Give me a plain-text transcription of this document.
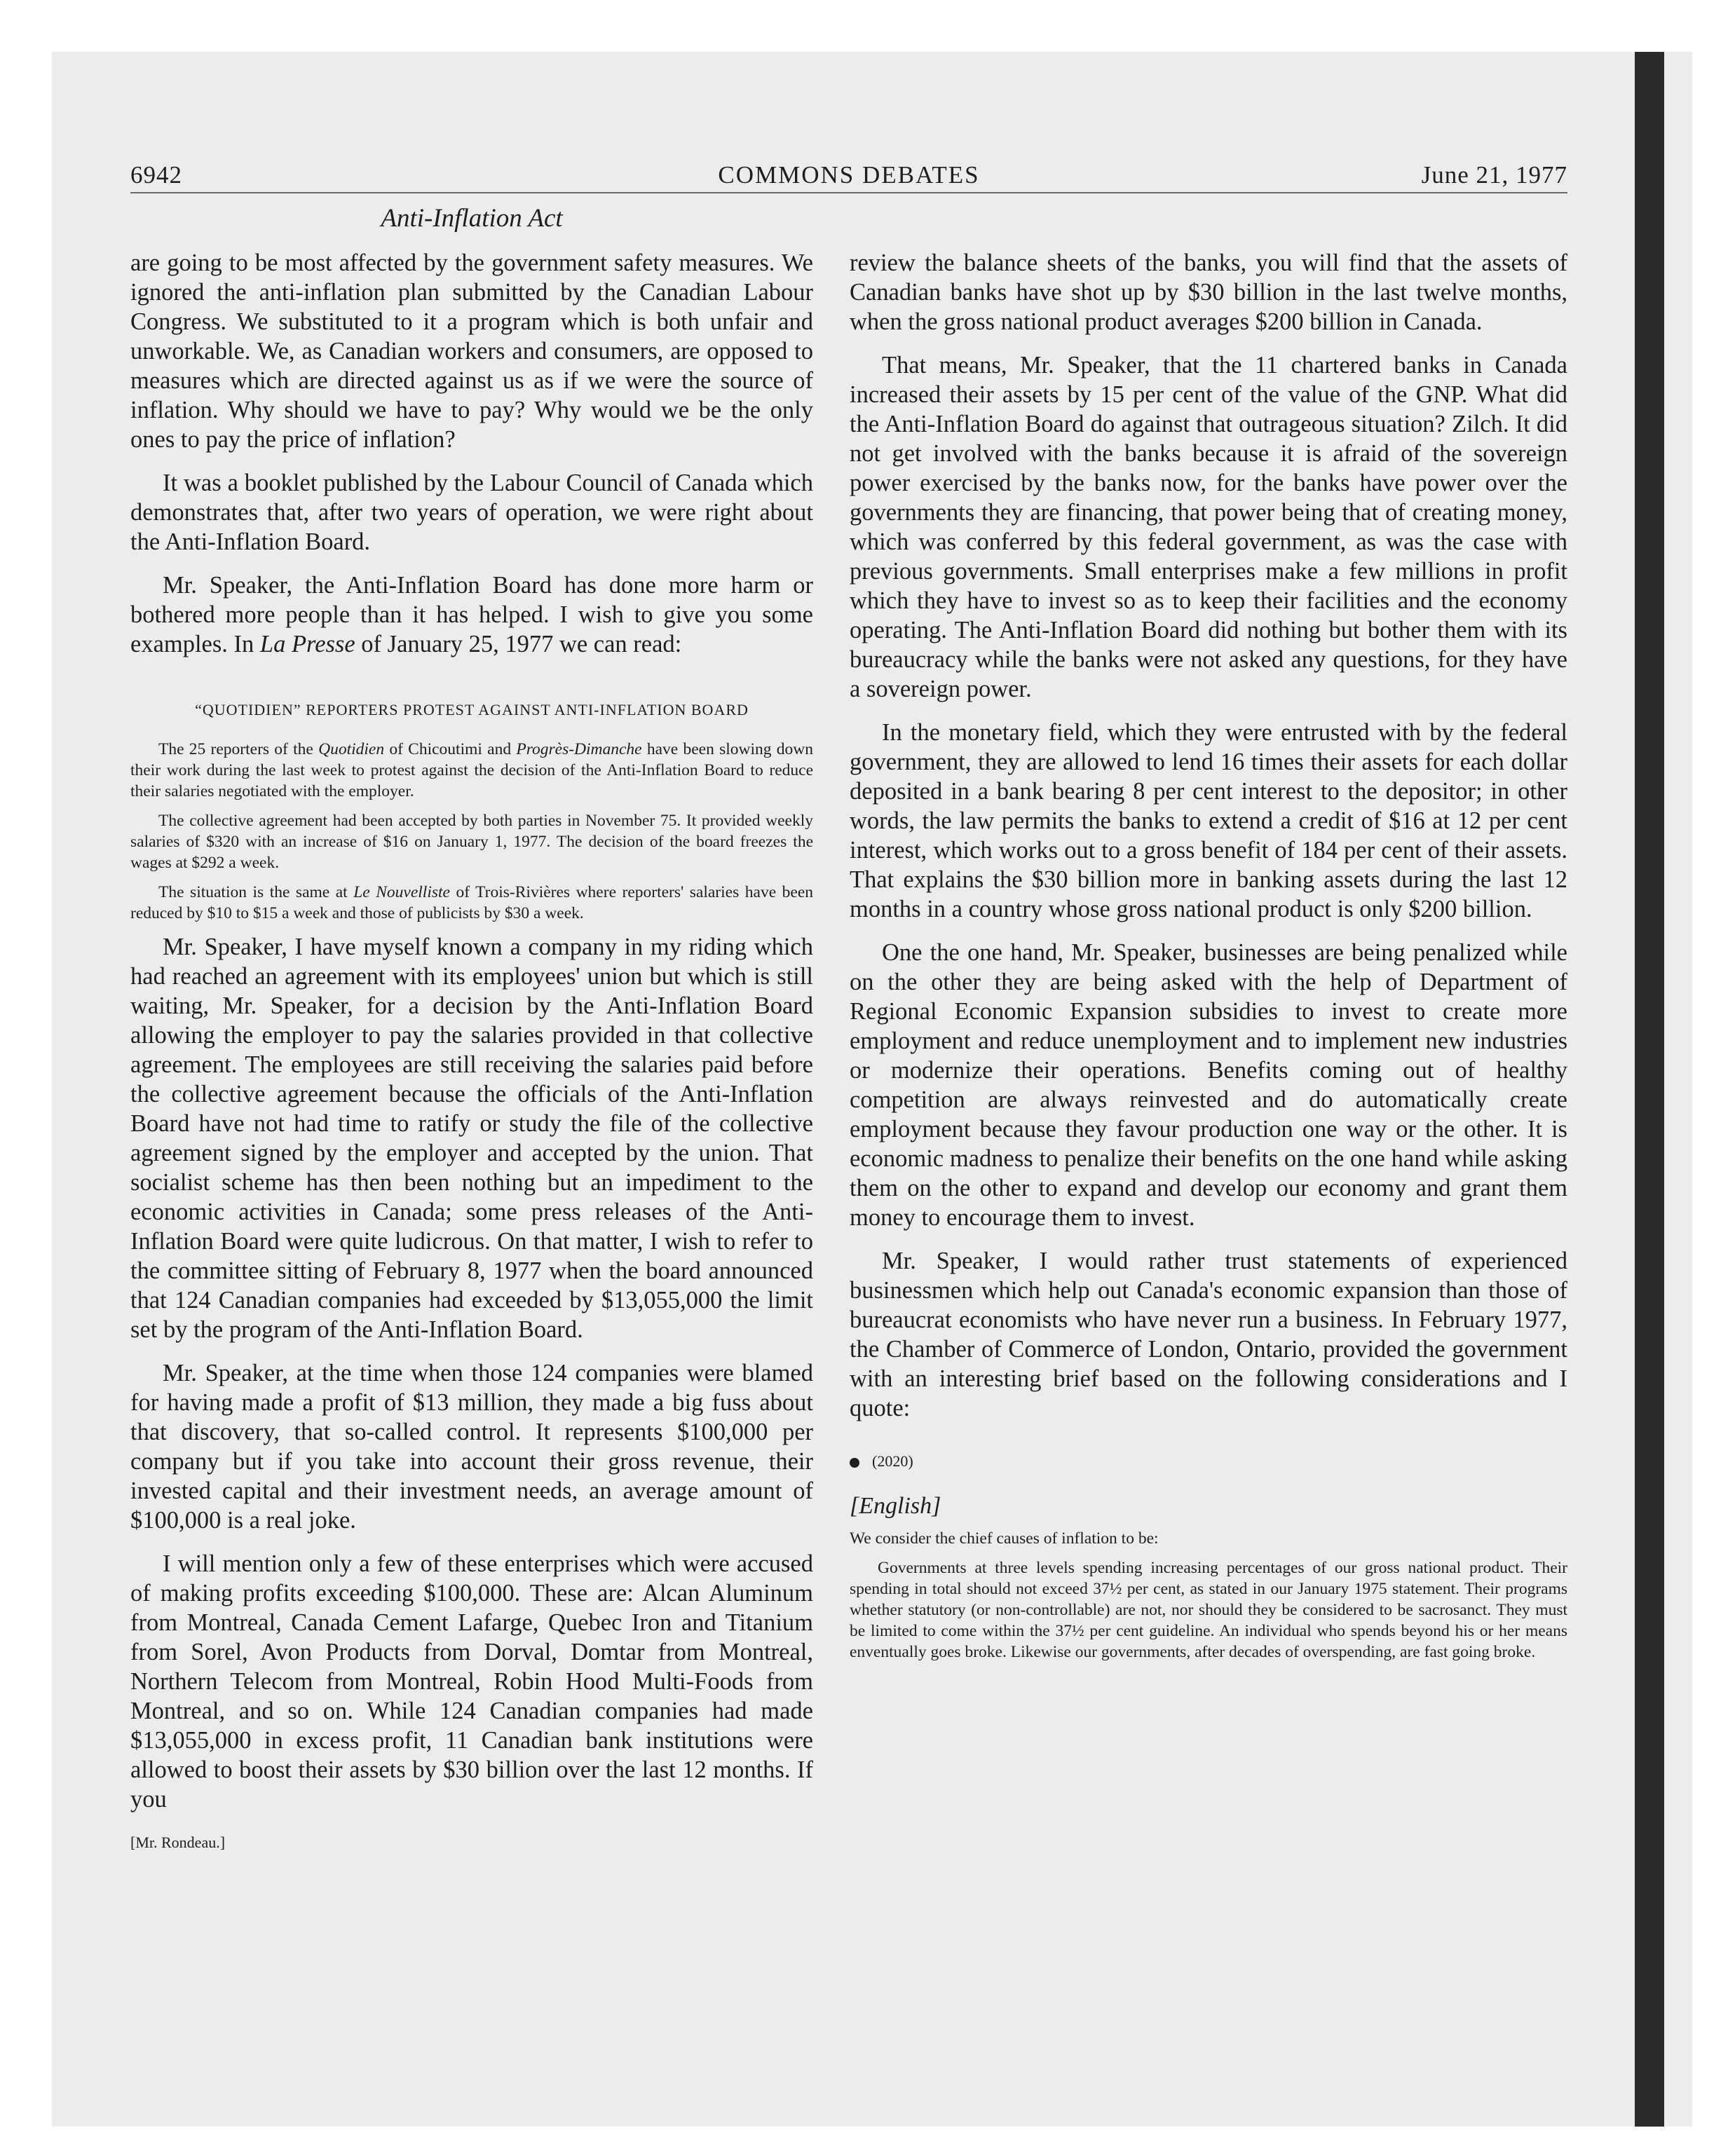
6942	COMMONS DEBATES	June 21, 1977
Anti-Inflation Act

are going to be most affected by the government safety measures. We ignored the anti-inflation plan submitted by the Canadian Labour Congress. We substituted to it a program which is both unfair and unworkable. We, as Canadian workers and consumers, are opposed to measures which are directed against us as if we were the source of inflation. Why should we have to pay? Why would we be the only ones to pay the price of inflation?

It was a booklet published by the Labour Council of Canada which demonstrates that, after two years of operation, we were right about the Anti-Inflation Board.

Mr. Speaker, the Anti-Inflation Board has done more harm or bothered more people than it has helped. I wish to give you some examples. In La Presse of January 25, 1977 we can read:

“QUOTIDIEN” REPORTERS PROTEST AGAINST ANTI-INFLATION BOARD

The 25 reporters of the Quotidien of Chicoutimi and Progrès-Dimanche have been slowing down their work during the last week to protest against the decision of the Anti-Inflation Board to reduce their salaries negotiated with the employer.

The collective agreement had been accepted by both parties in November 75. It provided weekly salaries of $320 with an increase of $16 on January 1, 1977. The decision of the board freezes the wages at $292 a week.

The situation is the same at Le Nouvelliste of Trois-Rivières where reporters' salaries have been reduced by $10 to $15 a week and those of publicists by $30 a week.

Mr. Speaker, I have myself known a company in my riding which had reached an agreement with its employees' union but which is still waiting, Mr. Speaker, for a decision by the Anti-Inflation Board allowing the employer to pay the salaries provided in that collective agreement. The employees are still receiving the salaries paid before the collective agreement because the officials of the Anti-Inflation Board have not had time to ratify or study the file of the collective agreement signed by the employer and accepted by the union. That socialist scheme has then been nothing but an impediment to the economic activities in Canada; some press releases of the Anti-Inflation Board were quite ludicrous. On that matter, I wish to refer to the committee sitting of February 8, 1977 when the board announced that 124 Canadian companies had exceeded by $13,055,000 the limit set by the program of the Anti-Inflation Board.

Mr. Speaker, at the time when those 124 companies were blamed for having made a profit of $13 million, they made a big fuss about that discovery, that so-called control. It represents $100,000 per company but if you take into account their gross revenue, their invested capital and their investment needs, an average amount of $100,000 is a real joke.

I will mention only a few of these enterprises which were accused of making profits exceeding $100,000. These are: Alcan Aluminum from Montreal, Canada Cement Lafarge, Quebec Iron and Titanium from Sorel, Avon Products from Dorval, Domtar from Montreal, Northern Telecom from Montreal, Robin Hood Multi-Foods from Montreal, and so on. While 124 Canadian companies had made $13,055,000 in excess profit, 11 Canadian bank institutions were allowed to boost their assets by $30 billion over the last 12 months. If you

[Mr. Rondeau.]

review the balance sheets of the banks, you will find that the assets of Canadian banks have shot up by $30 billion in the last twelve months, when the gross national product averages $200 billion in Canada.

That means, Mr. Speaker, that the 11 chartered banks in Canada increased their assets by 15 per cent of the value of the GNP. What did the Anti-Inflation Board do against that outrageous situation? Zilch. It did not get involved with the banks because it is afraid of the sovereign power exercised by the banks now, for the banks have power over the governments they are financing, that power being that of creating money, which was conferred by this federal government, as was the case with previous governments. Small enterprises make a few millions in profit which they have to invest so as to keep their facilities and the economy operating. The Anti-Inflation Board did nothing but bother them with its bureaucracy while the banks were not asked any questions, for they have a sovereign power.

In the monetary field, which they were entrusted with by the federal government, they are allowed to lend 16 times their assets for each dollar deposited in a bank bearing 8 per cent interest to the depositor; in other words, the law permits the banks to extend a credit of $16 at 12 per cent interest, which works out to a gross benefit of 184 per cent of their assets. That explains the $30 billion more in banking assets during the last 12 months in a country whose gross national product is only $200 billion.

One the one hand, Mr. Speaker, businesses are being penalized while on the other they are being asked with the help of Department of Regional Economic Expansion subsidies to invest to create more employment and reduce unemployment and to implement new industries or modernize their operations. Benefits coming out of healthy competition are always reinvested and do automatically create employment because they favour production one way or the other. It is economic madness to penalize their benefits on the one hand while asking them on the other to expand and develop our economy and grant them money to encourage them to invest.

Mr. Speaker, I would rather trust statements of experienced businessmen which help out Canada's economic expansion than those of bureaucrat economists who have never run a business. In February 1977, the Chamber of Commerce of London, Ontario, provided the government with an interesting brief based on the following considerations and I quote:

(2020)
[English]

We consider the chief causes of inflation to be:

Governments at three levels spending increasing percentages of our gross national product. Their spending in total should not exceed 37½ per cent, as stated in our January 1975 statement. Their programs whether statutory (or non-controllable) are not, nor should they be considered to be sacrosanct. They must be limited to come within the 37½ per cent guideline. An individual who spends beyond his or her means enventually goes broke. Likewise our governments, after decades of overspending, are fast going broke.
